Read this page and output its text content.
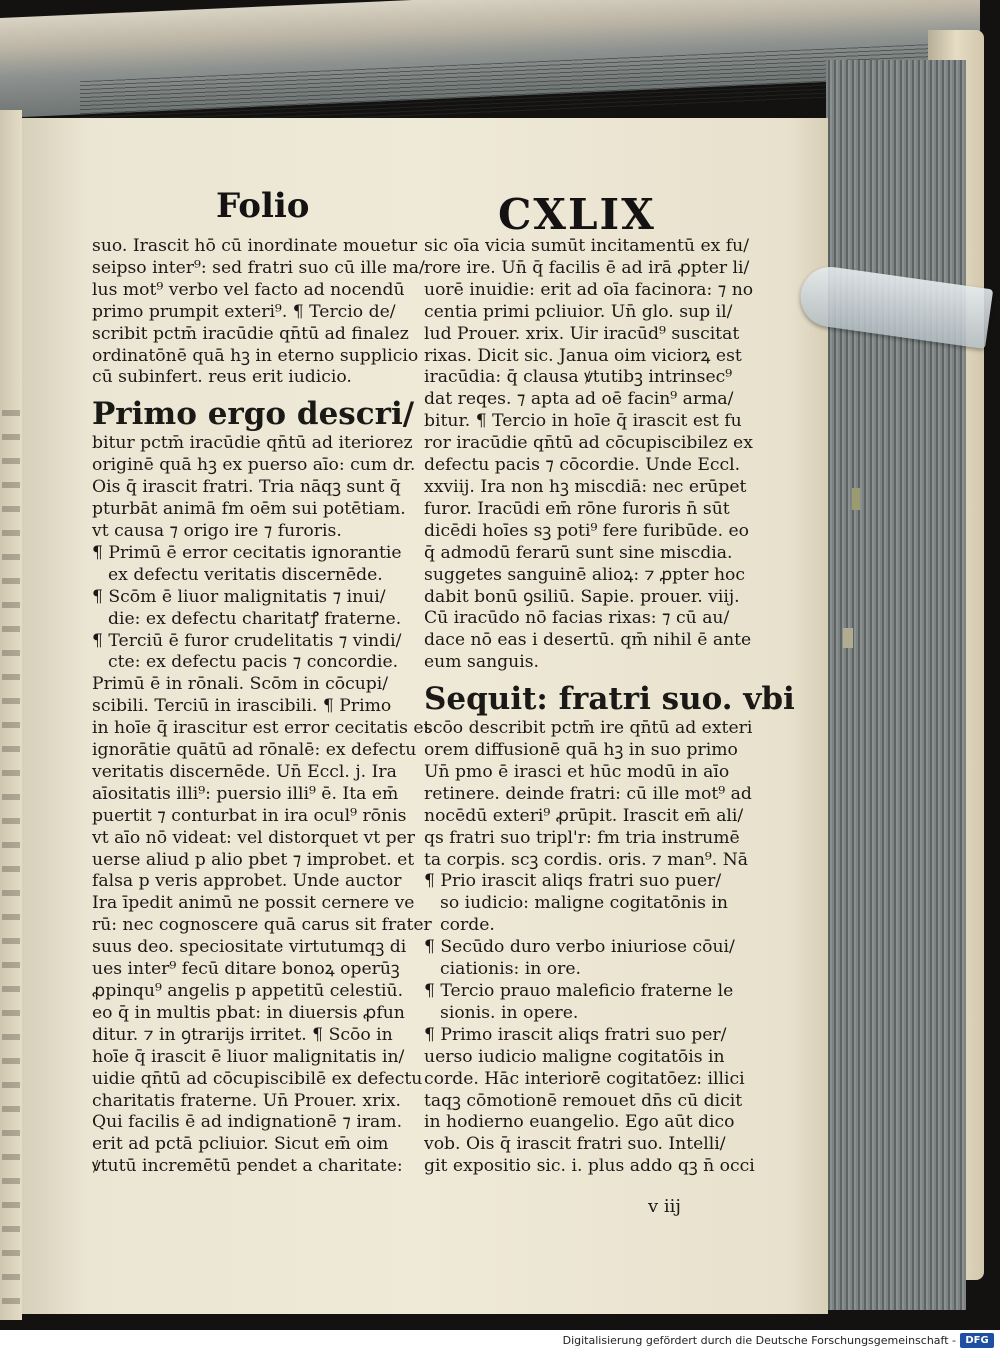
Folio	CXLIX
suo. Irascit hō cū inordinate mouetur
seipso inter⁹: sed fratri suo cū ille ma/
lus mot⁹ verbo vel facto ad nocendū
primo prumpit exteri⁹. ¶ Tercio de/
scribit pctm̄ iracūdie qn̄tū ad finalez
ordinatōnē quā hꝫ in eterno supplicio
cū subinfert. reus erit iudicio.
Primo ergo descri/
bitur pctm̄ iracūdie qn̄tū ad iteriorez
originē quā hꝫ ex puerso aīo: cum dr.
Ois q̄ irascit fratri. Tria nāqꝫ sunt q̄
pturbāt animā fm oēm sui potētiam.
vt causa ⁊ origo ire ⁊ furoris.
¶ Primū ē error cecitatis ignorantie
ex defectu veritatis discernēde.
¶ Scōm ē liuor malignitatis ⁊ inui/
die: ex defectu charitatꝭ fraterne.
¶ Terciū ē furor crudelitatis ⁊ vindi/
cte: ex defectu pacis ⁊ concordie.
Primū ē in rōnali. Scōm in cōcupi/
scibili. Terciū in irascibili. ¶ Primo
in hoīe q̄ irascitur est error cecitatis et
ignorātie quātū ad rōnalē: ex defectu
veritatis discernēde. Un̄ Eccl. j. Ira
aīositatis illi⁹: puersio illi⁹ ē. Ita em̄
puertit ⁊ conturbat in ira ocul⁹ rōnis
vt aīo nō videat: vel distorquet vt per
uerse aliud p alio pbet ⁊ improbet. et
falsa p veris approbet. Unde auctor
Ira īpedit animū ne possit cernere ve
rū: nec cognoscere quā carus sit frater
suus deo. speciositate virtutumqꝫ di
ues inter⁹ fecū ditare bonoꝝ operūꝫ
ꝓpinqu⁹ angelis p appetitū celestiū.
eo q̄ in multis pbat: in diuersis ꝓfun
ditur. ⁊ in ꝯtrarijs irritet. ¶ Scōo in
hoīe q̄ irascit ē liuor malignitatis in/
uidie qn̄tū ad cōcupiscibilē ex defectu
charitatis fraterne. Un̄ Prouer. xrix.
Qui facilis ē ad indignationē ⁊ iram.
erit ad pctā pcliuior. Sicut em̄ oim
ꝟtutū incremētū pendet a charitate:
sic oīa vicia sumūt incitamentū ex fu/
rore ire. Un̄ q̄ facilis ē ad irā ꝓpter li/
uorē inuidie: erit ad oīa facinora: ⁊ no
centia primi pcliuior. Un̄ glo. sup il/
lud Prouer. xrix. Uir iracūd⁹ suscitat
rixas. Dicit sic. Janua oim viciorꝝ est
iracūdia: q̄ clausa ꝟtutibꝫ intrinsec⁹
dat reqes. ⁊ apta ad oē facin⁹ arma/
bitur. ¶ Tercio in hoīe q̄ irascit est fu
ror iracūdie qn̄tū ad cōcupiscibilez ex
defectu pacis ⁊ cōcordie. Unde Eccl.
xxviij. Ira non hꝫ miscdiā: nec erūpet
furor. Iracūdi em̄ rōne furoris n̄ sūt
dicēdi hoīes sꝫ poti⁹ fere furibūde. eo
q̄ admodū ferarū sunt sine miscdia.
suggetes sanguinē alioꝝ: ⁊ ꝓpter hoc
dabit bonū ꝯsiliū. Sapie. prouer. viij.
Cū iracūdo nō facias rixas: ⁊ cū au/
dace nō eas i desertū. qm̄ nihil ē ante
eum sanguis.
Sequit: fratri suo. vbi
scōo describit pctm̄ ire qn̄tū ad exteri
orem diffusionē quā hꝫ in suo primo
Un̄ pmo ē irasci et hūc modū in aīo
retinere. deinde fratri: cū ille mot⁹ ad
nocēdū exteri⁹ ꝓrūpit. Irascit em̄ ali/
qs fratri suo tripl'r: fm tria instrumē
ta corpis. scꝫ cordis. oris. ⁊ man⁹. Nā
¶ Prio irascit aliqs fratri suo puer/
so iudicio: maligne cogitatōnis in
corde.
¶ Secūdo duro verbo iniuriose cōui/
ciationis: in ore.
¶ Tercio prauo maleficio fraterne le
sionis. in opere.
¶ Primo irascit aliqs fratri suo per/
uerso iudicio maligne cogitatōis in
corde. Hāc interiorē cogitatōez: illici
taqꝫ cōmotionē remouet dn̄s cū dicit
in hodierno euangelio. Ego aūt dico
vob. Ois q̄ irascit fratri suo. Intelli/
git expositio sic. i. plus addo qꝫ n̄ occi
v iij
Digitalisierung gefördert durch die Deutsche Forschungsgemeinschaft - DFG
